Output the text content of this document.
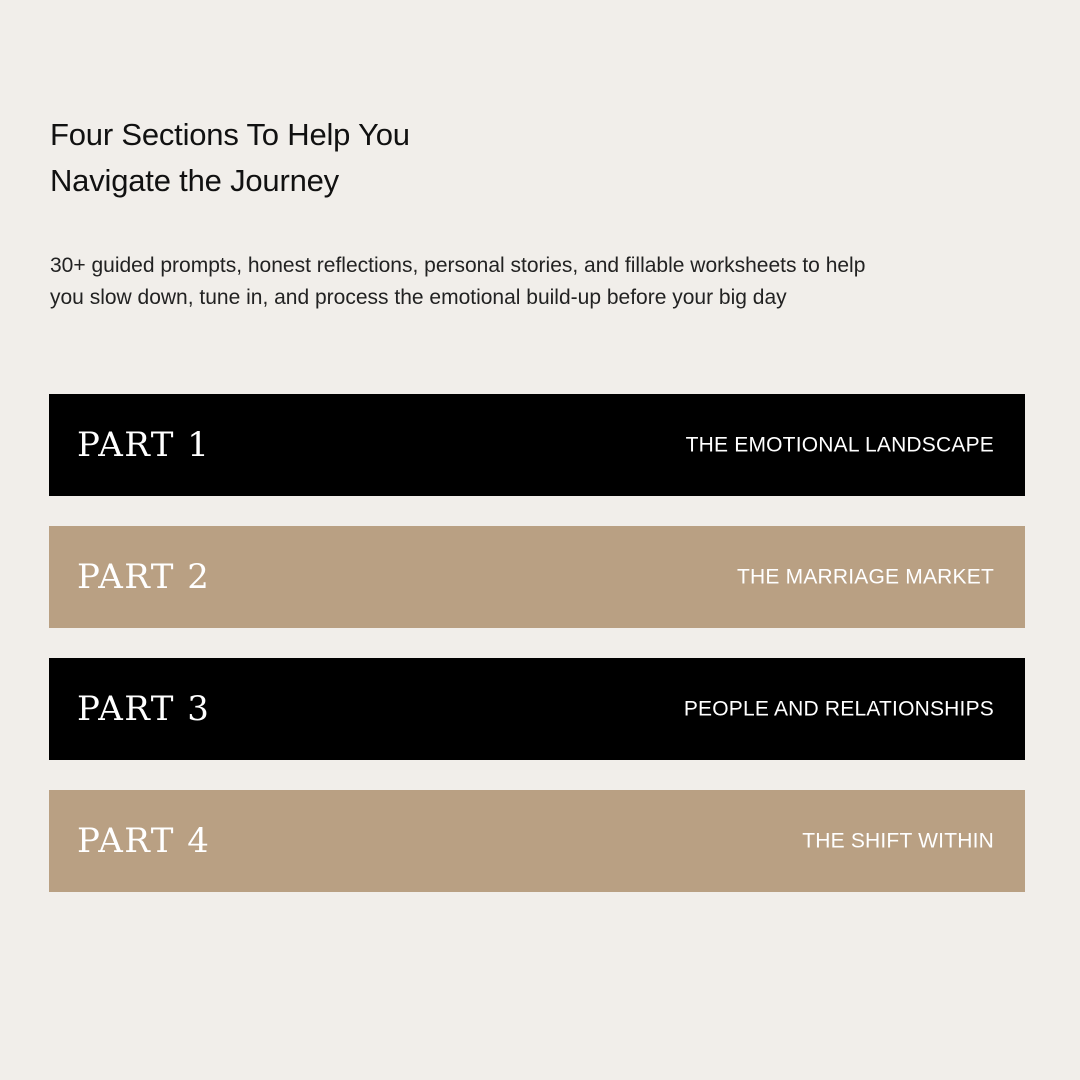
Four Sections To Help You
Navigate the Journey

30+ guided prompts, honest reflections, personal stories, and fillable worksheets to help
you slow down, tune in, and process the emotional build-up before your big day

PART 1	THE EMOTIONAL LANDSCAPE
PART 2	THE MARRIAGE MARKET
PART 3	PEOPLE AND RELATIONSHIPS
PART 4	THE SHIFT WITHIN
